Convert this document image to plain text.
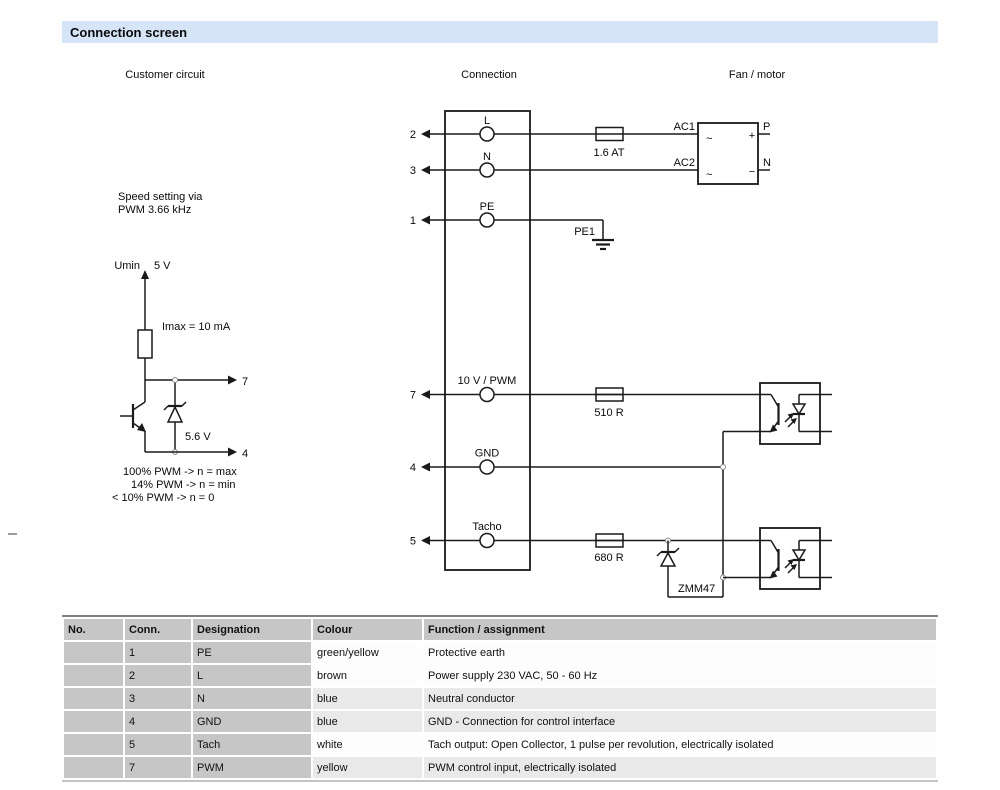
Connection screen
Customer circuit	Connection	Fan / motor
Speed setting via
PWM 3.66 kHz
Umin 5 V
Imax = 10 mA
7
5.6 V
4
100% PWM -> n = max
14% PWM -> n = min
< 10% PWM -> n = 0
2
L
1.6 AT
AC1
3
N	AC2
1
PE
PE1
7
10 V / PWM
510 R
4
GND
5
Tacho
680 R
ZMM47
~	+
~	−
P
N
No.	Conn.	Designation	Colour	Function / assignment
	1	PE	green/yellow	Protective earth
	2	L	brown	Power supply 230 VAC, 50 - 60 Hz
	3	N	blue	Neutral conductor
	4	GND	blue	GND - Connection for control interface
	5	Tach	white	Tach output: Open Collector, 1 pulse per revolution, electrically isolated
	7	PWM	yellow	PWM control input, electrically isolated
